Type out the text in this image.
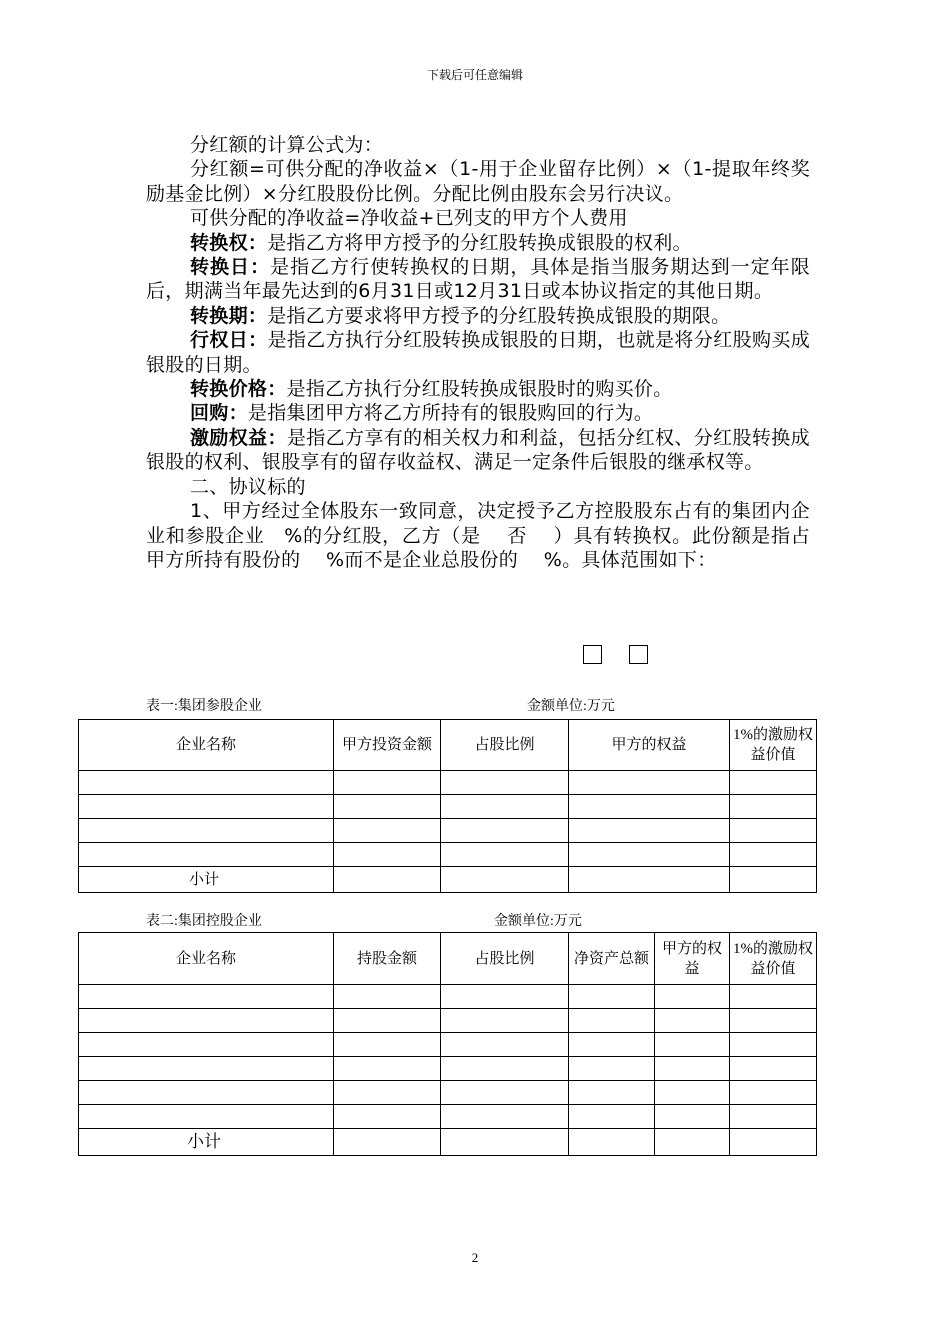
下载后可任意编辑

分红额的计算公式为：

分红额=可供分配的净收益×（1-用于企业留存比例）×（1-提取年终奖励基金比例）×分红股股份比例。分配比例由股东会另行决议。

可供分配的净收益=净收益+已列支的甲方个人费用

转换权：是指乙方将甲方授予的分红股转换成银股的权利。

转换日：是指乙方行使转换权的日期，具体是指当服务期达到一定年限后，期满当年最先达到的6月31日或12月31日或本协议指定的其他日期。

转换期：是指乙方要求将甲方授予的分红股转换成银股的期限。

行权日：是指乙方执行分红股转换成银股的日期，也就是将分红股购买成银股的日期。

转换价格：是指乙方执行分红股转换成银股时的购买价。

回购：是指集团甲方将乙方所持有的银股购回的行为。

激励权益：是指乙方享有的相关权力和利益，包括分红权、分红股转换成银股的权利、银股享有的留存收益权、满足一定条件后银股的继承权等。

二、协议标的

1、甲方经过全体股东一致同意，决定授予乙方控股股东占有的集团内企业和参股企业　%的分红股，乙方（是　 否　 ）具有转换权。此份额是指占甲方所持有股份的　 %而不是企业总股份的　 %。具体范围如下：

表一:集团参股企业	金额单位:万元
企业名称	甲方投资金额	占股比例	甲方的权益	1%的激励权益价值

小计				
表二:集团控股企业	金额单位:万元
企业名称	持股金额	占股比例	净资产总额	甲方的权益	1%的激励权益价值

小计					
2
